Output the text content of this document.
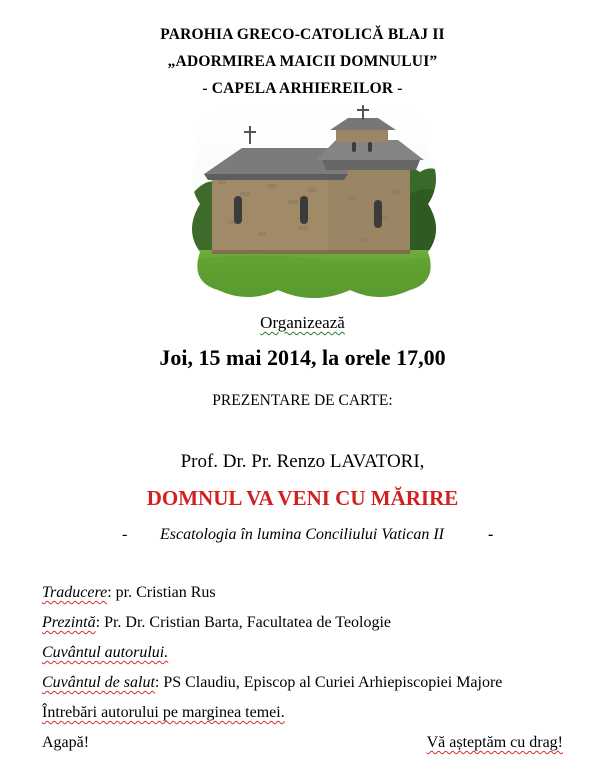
PAROHIA GRECO-CATOLICĂ BLAJ II
„ADORMIREA MAICII DOMNULUI”
- CAPELA ARHIEREILOR -
Organizează
Joi, 15 mai 2014, la orele 17,00
PREZENTARE DE CARTE:
Prof. Dr. Pr. Renzo LAVATORI,
DOMNUL VA VENI CU MĂRIRE
- Escatologia în lumina Conciliului Vatican II	-
Traducere: pr. Cristian Rus
Prezintă: Pr. Dr. Cristian Barta, Facultatea de Teologie
Cuvântul autorului.
Cuvântul de salut: PS Claudiu, Episcop al Curiei Arhiepiscopiei Majore
Întrebări autorului pe marginea temei.
Agapă!	Vă așteptăm cu drag!
